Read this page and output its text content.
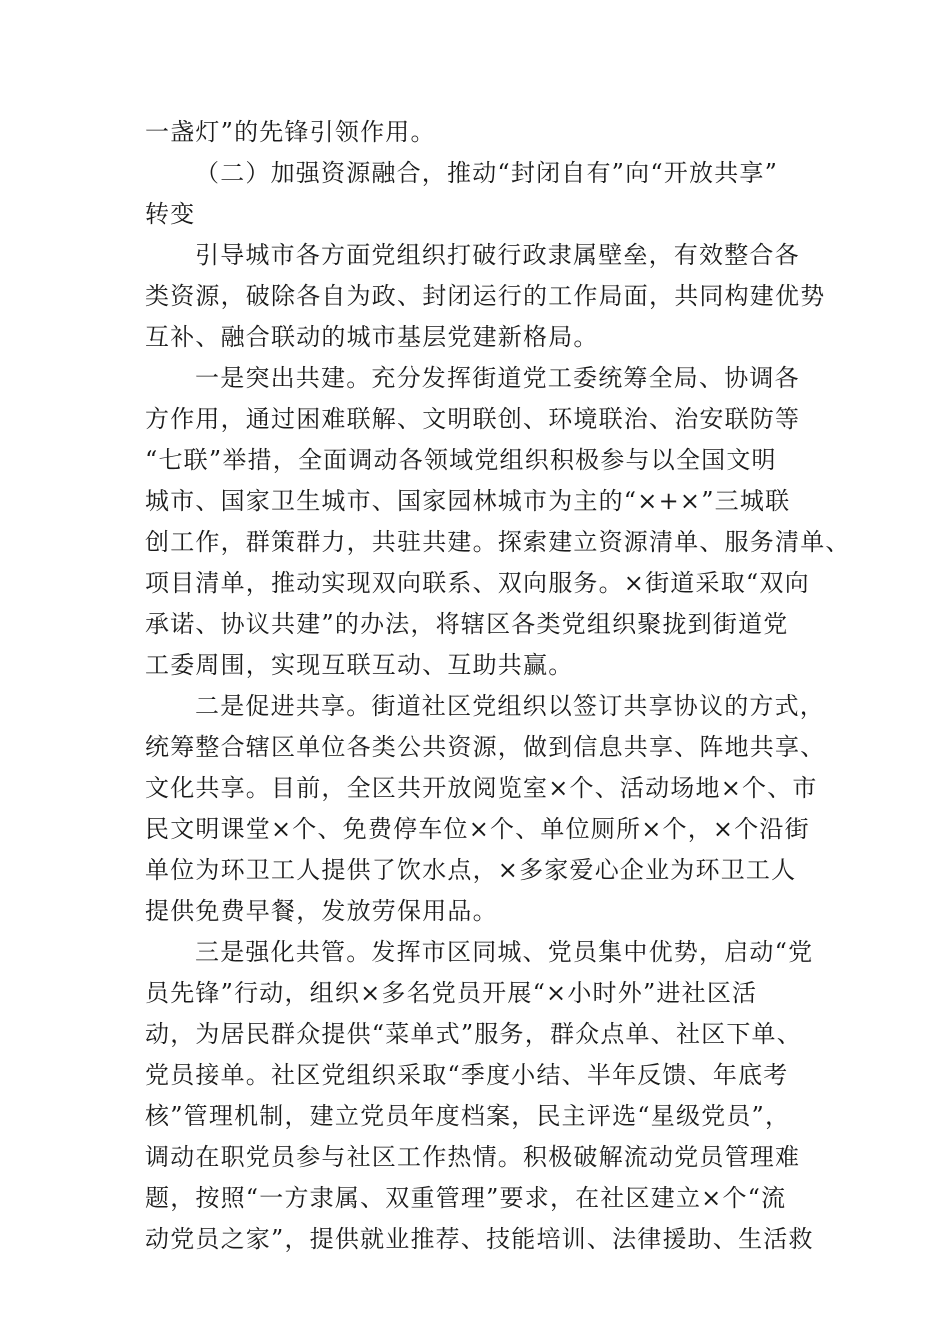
一盏灯”的先锋引领作用。
（二）加强资源融合，推动“封闭自有”向“开放共享”
转变
引导城市各方面党组织打破行政隶属壁垒，有效整合各
类资源，破除各自为政、封闭运行的工作局面，共同构建优势
互补、融合联动的城市基层党建新格局。
一是突出共建。充分发挥街道党工委统筹全局、协调各
方作用，通过困难联解、文明联创、环境联治、治安联防等
“七联”举措，全面调动各领域党组织积极参与以全国文明
城市、国家卫生城市、国家园林城市为主的“×+×”三城联
创工作，群策群力，共驻共建。探索建立资源清单、服务清单、
项目清单，推动实现双向联系、双向服务。×街道采取“双向
承诺、协议共建”的办法，将辖区各类党组织聚拢到街道党
工委周围，实现互联互动、互助共赢。
二是促进共享。街道社区党组织以签订共享协议的方式，
统筹整合辖区单位各类公共资源，做到信息共享、阵地共享、
文化共享。目前，全区共开放阅览室×个、活动场地×个、市
民文明课堂×个、免费停车位×个、单位厕所×个，×个沿街
单位为环卫工人提供了饮水点，×多家爱心企业为环卫工人
提供免费早餐，发放劳保用品。
三是强化共管。发挥市区同城、党员集中优势，启动“党
员先锋”行动，组织×多名党员开展“×小时外”进社区活
动，为居民群众提供“菜单式”服务，群众点单、社区下单、
党员接单。社区党组织采取“季度小结、半年反馈、年底考
核”管理机制，建立党员年度档案，民主评选“星级党员”，
调动在职党员参与社区工作热情。积极破解流动党员管理难
题，按照“一方隶属、双重管理”要求，在社区建立×个“流
动党员之家”，提供就业推荐、技能培训、法律援助、生活救
